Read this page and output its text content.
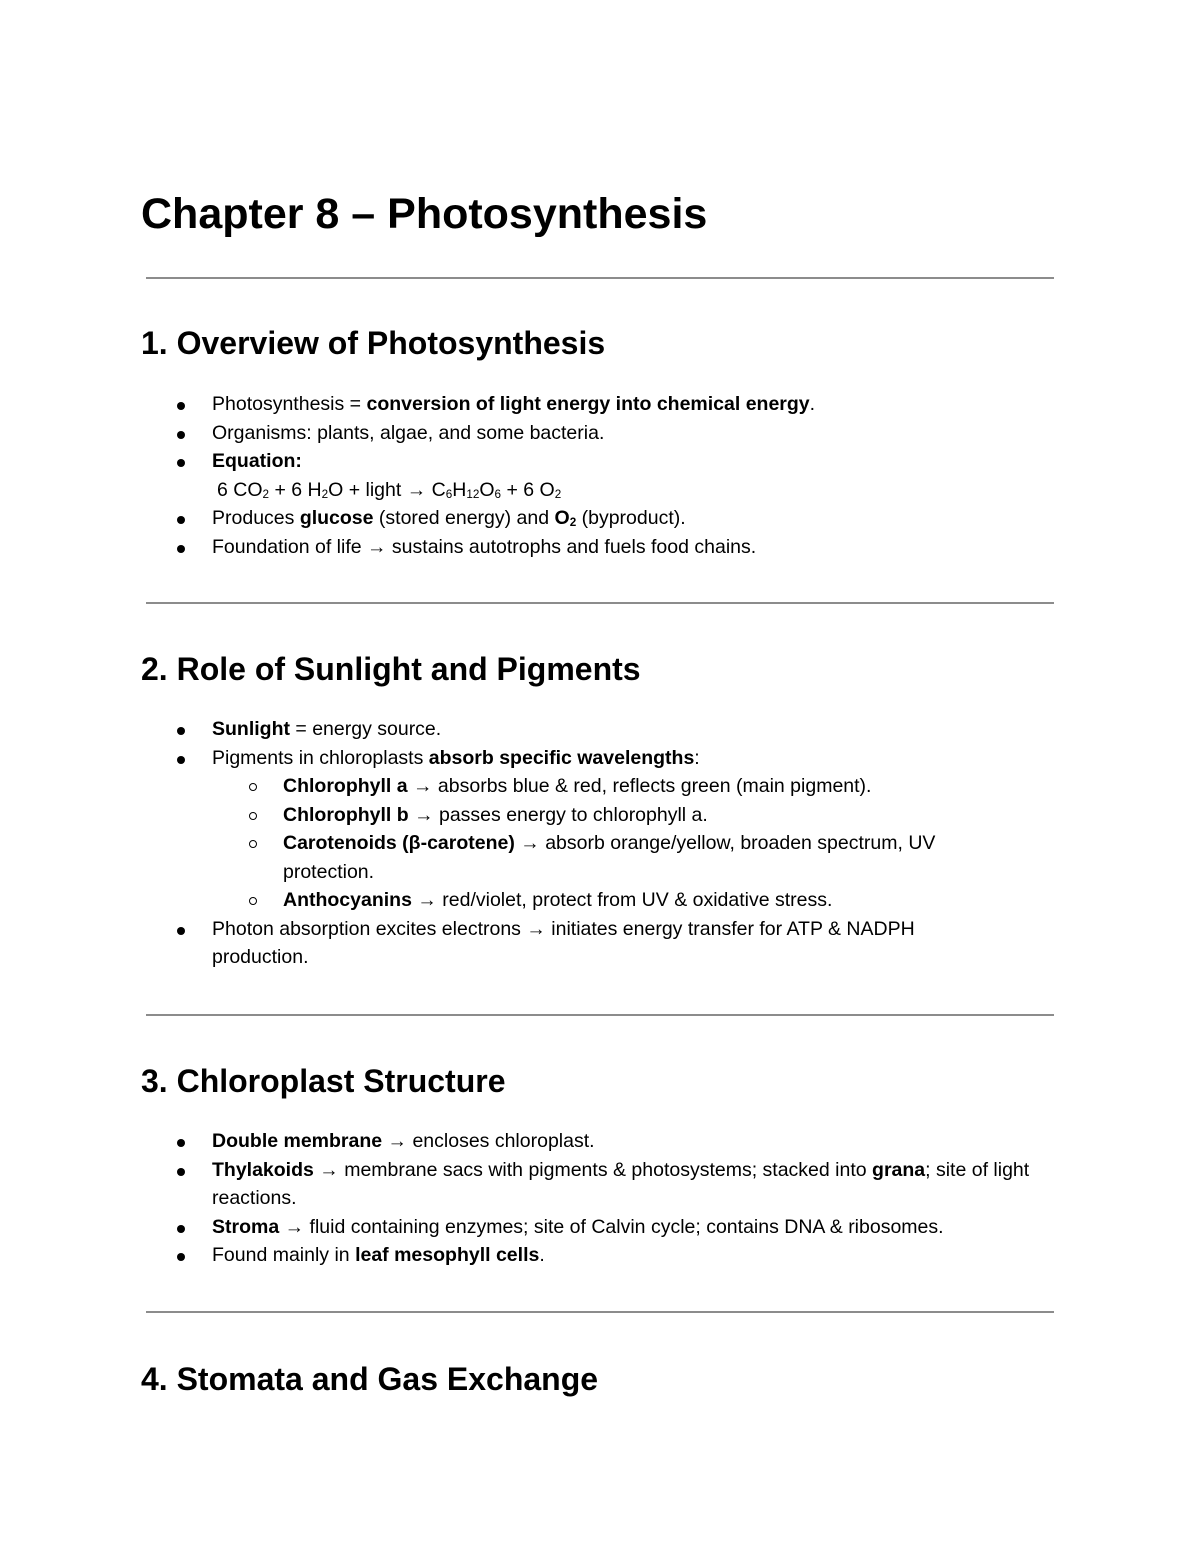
Chapter 8 – Photosynthesis
1. Overview of Photosynthesis
Photosynthesis = conversion of light energy into chemical energy.
Organisms: plants, algae, and some bacteria.
Equation:
6 $CO_2 + 6$ $H_2O$ + light → $C_6H_{12}O_6 + 6$ $O_2$
Produces glucose (stored energy) and $O_2$ (byproduct).
Foundation of life → sustains autotrophs and fuels food chains.
2. Role of Sunlight and Pigments
Sunlight = energy source.
Pigments in chloroplasts absorb specific wavelengths:
Chlorophyll a → absorbs blue & red, reflects green (main pigment).
Chlorophyll b → passes energy to chlorophyll a.
Carotenoids (β-carotene) → absorb orange/yellow, broaden spectrum, UV protection.
Anthocyanins → red/violet, protect from UV & oxidative stress.
Photon absorption excites electrons → initiates energy transfer for ATP & NADPH production.
3. Chloroplast Structure
Double membrane → encloses chloroplast.
Thylakoids → membrane sacs with pigments & photosystems; stacked into grana; site of light reactions.
Stroma → fluid containing enzymes; site of Calvin cycle; contains DNA & ribosomes.
Found mainly in leaf mesophyll cells.
4. Stomata and Gas Exchange
